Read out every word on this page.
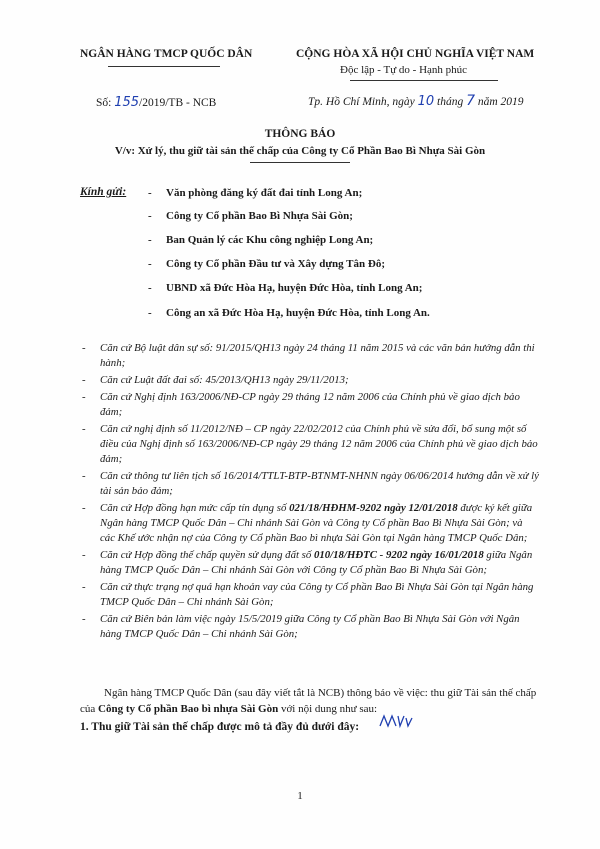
NGÂN HÀNG TMCP QUỐC DÂN	CỘNG HÒA XÃ HỘI CHỦ NGHĨA VIỆT NAM
Độc lập - Tự do - Hạnh phúc
Số: 155/2019/TB - NCB	Tp. Hồ Chí Minh, ngày 10 tháng 7 năm 2019
THÔNG BÁO
V/v: Xử lý, thu giữ tài sản thế chấp của Công ty Cổ Phần Bao Bì Nhựa Sài Gòn
Kính gửi: - Văn phòng đăng ký đất đai tỉnh Long An;
- Công ty Cổ phần Bao Bì Nhựa Sài Gòn;
- Ban Quản lý các Khu công nghiệp Long An;
- Công ty Cổ phần Đầu tư và Xây dựng Tân Đô;
- UBND xã Đức Hòa Hạ, huyện Đức Hòa, tỉnh Long An;
- Công an xã Đức Hòa Hạ, huyện Đức Hòa, tỉnh Long An.
- Căn cứ Bộ luật dân sự số: 91/2015/QH13 ngày 24 tháng 11 năm 2015 và các văn bản hướng dẫn thi hành;
- Căn cứ Luật đất đai số: 45/2013/QH13 ngày 29/11/2013;
- Căn cứ Nghị định 163/2006/NĐ-CP ngày 29 tháng 12 năm 2006 của Chính phủ về giao dịch bảo đảm;
- Căn cứ nghị định số 11/2012/NĐ – CP ngày 22/02/2012 của Chính phủ về sửa đổi, bổ sung một số điều của Nghị định số 163/2006/NĐ-CP ngày 29 tháng 12 năm 2006 của Chính phủ về giao dịch bảo đảm;
- Căn cứ thông tư liên tịch số 16/2014/TTLT-BTP-BTNMT-NHNN ngày 06/06/2014 hướng dẫn về xử lý tài sản bảo đảm;
- Căn cứ Hợp đồng hạn mức cấp tín dụng số 021/18/HĐHM-9202 ngày 12/01/2018 được ký kết giữa Ngân hàng TMCP Quốc Dân – Chi nhánh Sài Gòn và Công ty Cổ phần Bao Bì Nhựa Sài Gòn; và các Khế ước nhận nợ của Công ty Cổ phần Bao bì nhựa Sài Gòn tại Ngân hàng TMCP Quốc Dân;
- Căn cứ Hợp đồng thế chấp quyền sử dụng đất số 010/18/HĐTC - 9202 ngày 16/01/2018 giữa Ngân hàng TMCP Quốc Dân – Chi nhánh Sài Gòn với Công ty Cổ phần Bao Bì Nhựa Sài Gòn;
- Căn cứ thực trạng nợ quá hạn khoản vay của Công ty Cổ phần Bao Bì Nhựa Sài Gòn tại Ngân hàng TMCP Quốc Dân – Chi nhánh Sài Gòn;
- Căn cứ Biên bản làm việc ngày 15/5/2019 giữa Công ty Cổ phần Bao Bì Nhựa Sài Gòn với Ngân hàng TMCP Quốc Dân – Chi nhánh Sài Gòn;
Ngân hàng TMCP Quốc Dân (sau đây viết tắt là NCB) thông báo về việc: thu giữ Tài sản thế chấp của Công ty Cổ phần Bao bì nhựa Sài Gòn với nội dung như sau:
1. Thu giữ Tài sản thế chấp được mô tả đầy đủ dưới đây:
1
